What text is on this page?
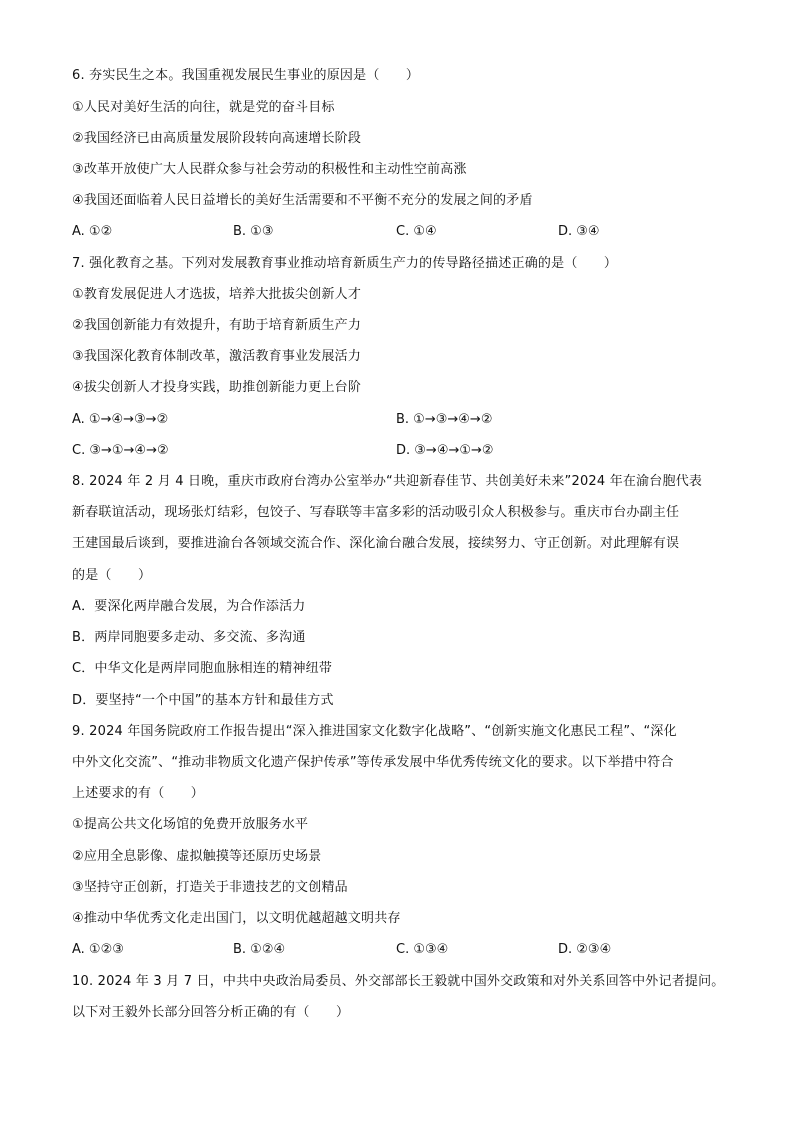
6. 夯实民生之本。我国重视发展民生事业的原因是（　　）
①人民对美好生活的向往，就是党的奋斗目标
②我国经济已由高质量发展阶段转向高速增长阶段
③改革开放使广大人民群众参与社会劳动的积极性和主动性空前高涨
④我国还面临着人民日益增长的美好生活需要和不平衡不充分的发展之间的矛盾
A. ①②	B. ①③	C. ①④	D. ③④
7. 强化教育之基。下列对发展教育事业推动培育新质生产力的传导路径描述正确的是（　　）
①教育发展促进人才选拔，培养大批拔尖创新人才
②我国创新能力有效提升，有助于培育新质生产力
③我国深化教育体制改革，激活教育事业发展活力
④拔尖创新人才投身实践，助推创新能力更上台阶
A. ①→④→③→②	B. ①→③→④→②
C. ③→①→④→②	D. ③→④→①→②
8. 2024 年 2 月 4 日晚，重庆市政府台湾办公室举办“共迎新春佳节、共创美好未来”2024 年在渝台胞代表
新春联谊活动，现场张灯结彩，包饺子、写春联等丰富多彩的活动吸引众人积极参与。重庆市台办副主任
王建国最后谈到，要推进渝台各领域交流合作、深化渝台融合发展，接续努力、守正创新。对此理解有误
的是（　　）
A．要深化两岸融合发展，为合作添活力
B．两岸同胞要多走动、多交流、多沟通
C．中华文化是两岸同胞血脉相连的精神纽带
D．要坚持“一个中国”的基本方针和最佳方式
9. 2024 年国务院政府工作报告提出“深入推进国家文化数字化战略”、“创新实施文化惠民工程”、“深化
中外文化交流”、“推动非物质文化遗产保护传承”等传承发展中华优秀传统文化的要求。以下举措中符合
上述要求的有（　　）
①提高公共文化场馆的免费开放服务水平
②应用全息影像、虚拟触摸等还原历史场景
③坚持守正创新，打造关于非遗技艺的文创精品
④推动中华优秀文化走出国门，以文明优越超越文明共存
A. ①②③	B. ①②④	C. ①③④	D. ②③④
10. 2024 年 3 月 7 日，中共中央政治局委员、外交部部长王毅就中国外交政策和对外关系回答中外记者提问。
以下对王毅外长部分回答分析正确的有（　　）
